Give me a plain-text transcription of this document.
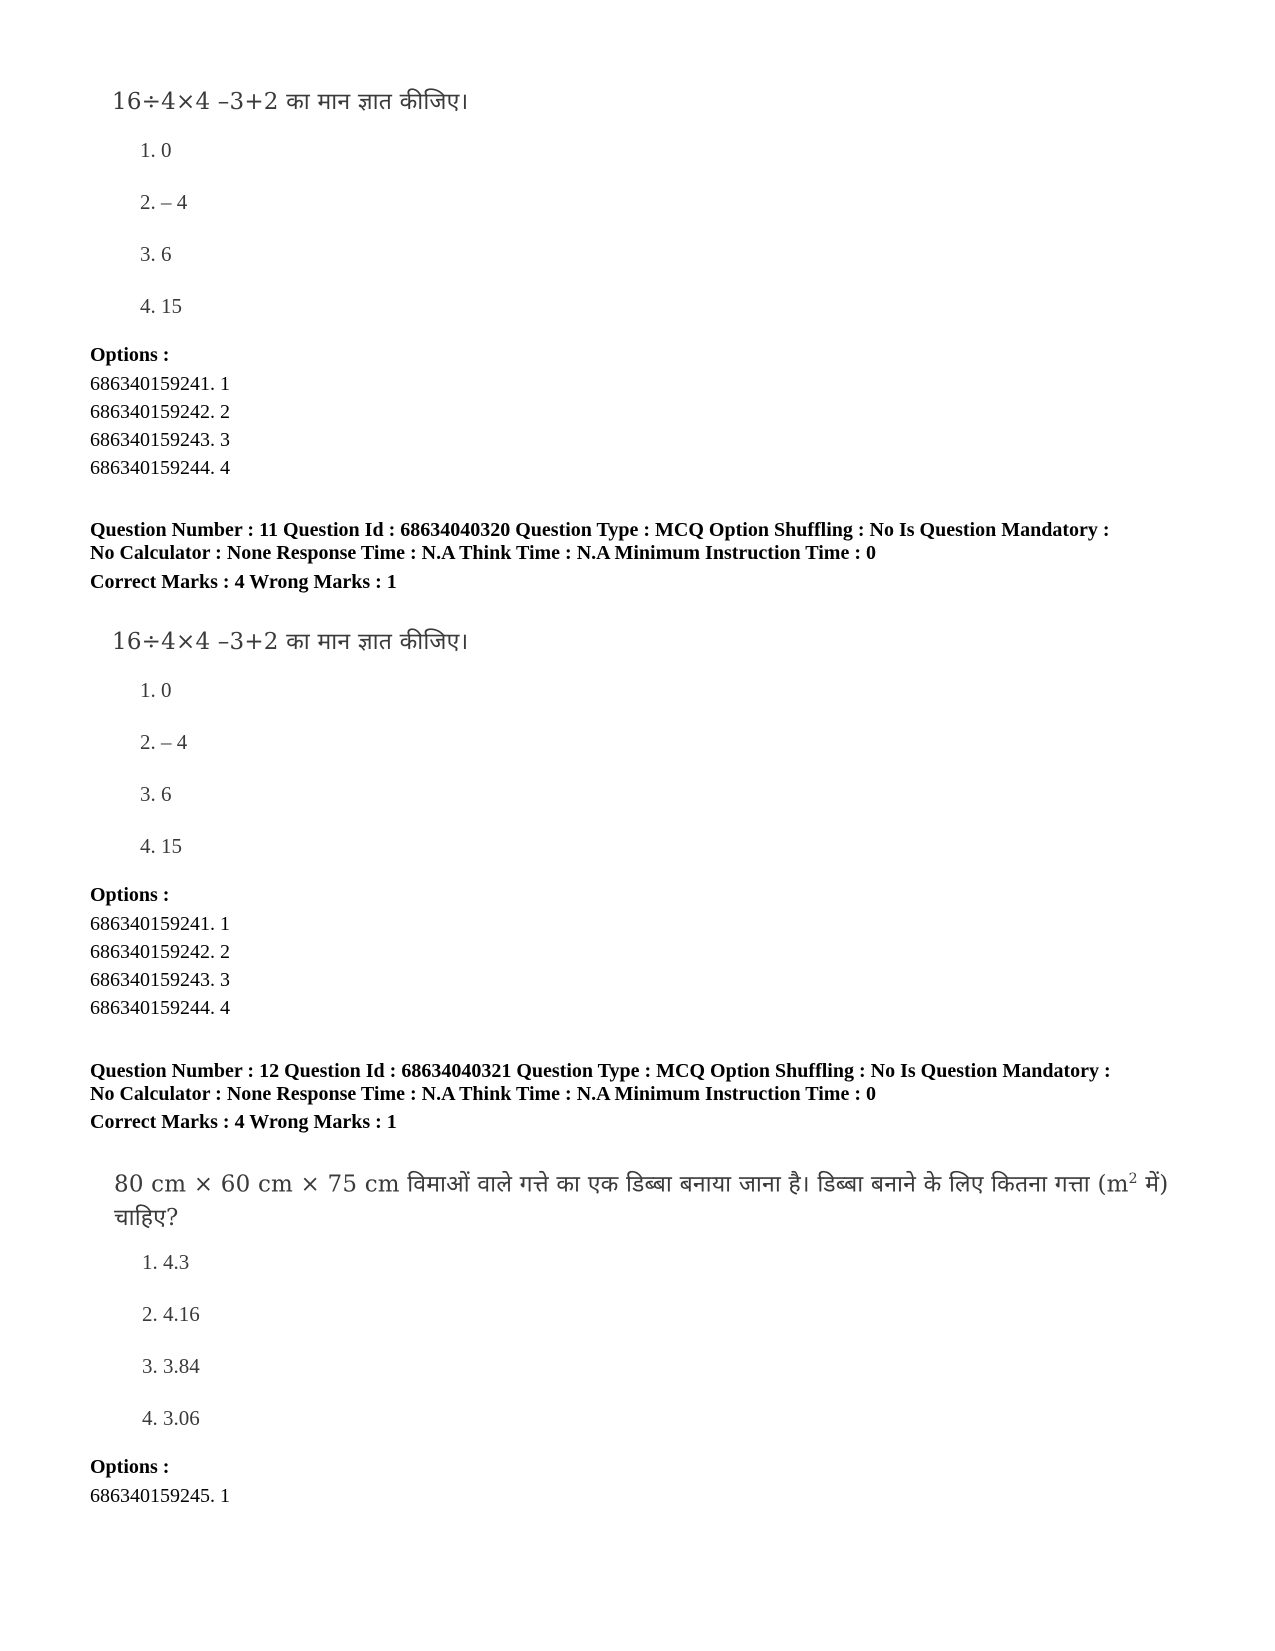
16÷4×4 –3+2 का मान ज्ञात कीजिए।
1. 0
2. – 4
3. 6
4. 15
Options :
686340159241. 1
686340159242. 2
686340159243. 3
686340159244. 4
Question Number : 11 Question Id : 68634040320 Question Type : MCQ Option Shuffling : No Is Question Mandatory :
No Calculator : None Response Time : N.A Think Time : N.A Minimum Instruction Time : 0
Correct Marks : 4 Wrong Marks : 1
16÷4×4 –3+2 का मान ज्ञात कीजिए।
1. 0
2. – 4
3. 6
4. 15
Options :
686340159241. 1
686340159242. 2
686340159243. 3
686340159244. 4
Question Number : 12 Question Id : 68634040321 Question Type : MCQ Option Shuffling : No Is Question Mandatory :
No Calculator : None Response Time : N.A Think Time : N.A Minimum Instruction Time : 0
Correct Marks : 4 Wrong Marks : 1
80 cm × 60 cm × 75 cm विमाओं वाले गत्ते का एक डिब्बा बनाया जाना है। डिब्बा बनाने के लिए कितना गत्ता ($m^2$ में) चाहिए?
1. 4.3
2. 4.16
3. 3.84
4. 3.06
Options :
686340159245. 1
